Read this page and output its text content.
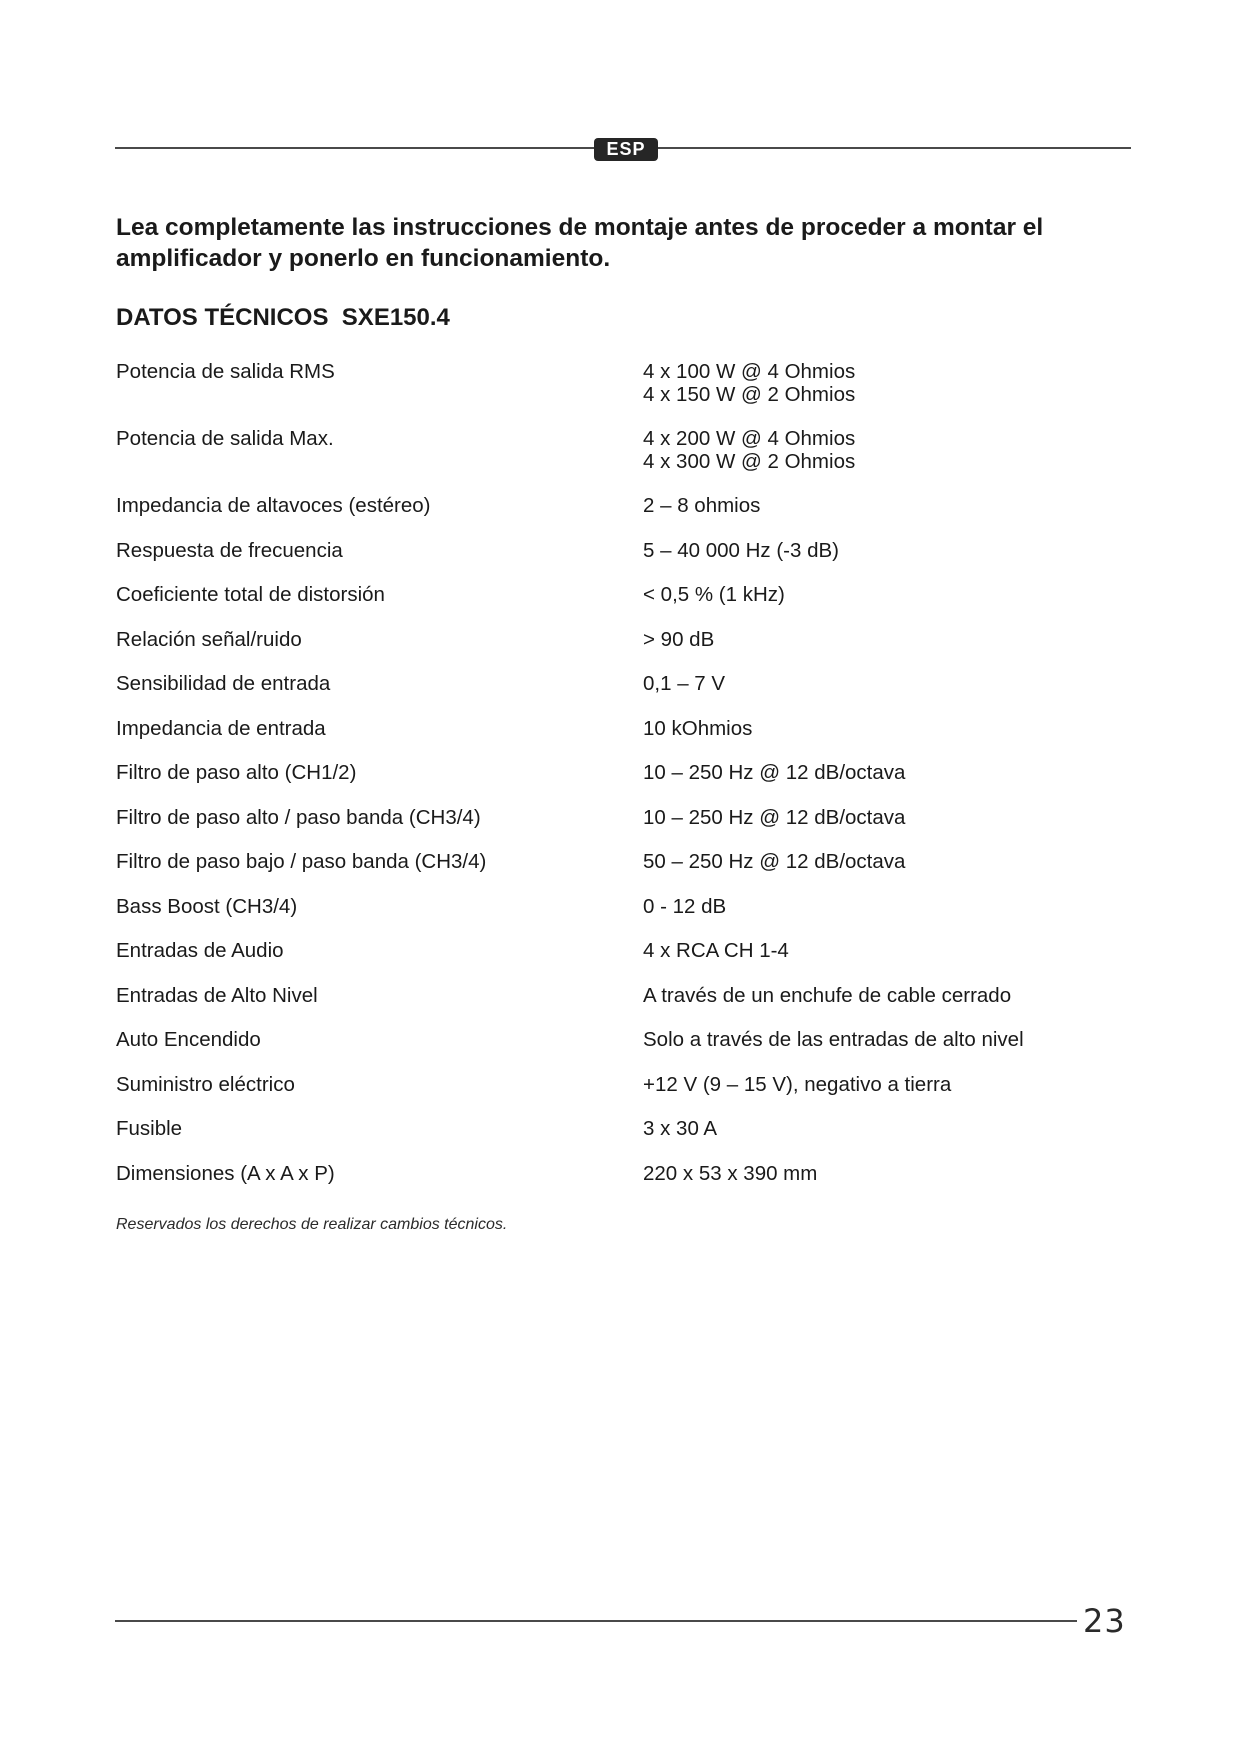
ESP

Lea completamente las instrucciones de montaje antes de proceder a montar el amplificador y ponerlo en funcionamiento.

DATOS TÉCNICOS  SXE150.4
Potencia de salida RMS	4 x 100 W @ 4 Ohmios
4 x 150 W @ 2 Ohmios
Potencia de salida Max.	4 x 200 W @ 4 Ohmios
4 x 300 W @ 2 Ohmios
Impedancia de altavoces (estéreo)	2 – 8 ohmios
Respuesta de frecuencia	5 – 40 000 Hz (-3 dB)
Coeficiente total de distorsión	< 0,5 % (1 kHz)
Relación señal/ruido	> 90 dB
Sensibilidad de entrada	0,1 – 7 V
Impedancia de entrada	10 kOhmios
Filtro de paso alto (CH1/2)	10 – 250 Hz @ 12 dB/octava
Filtro de paso alto / paso banda (CH3/4)	10 – 250 Hz @ 12 dB/octava
Filtro de paso bajo / paso banda (CH3/4)	50 – 250 Hz @ 12 dB/octava
Bass Boost (CH3/4)	0 - 12 dB
Entradas de Audio	4 x RCA CH 1-4
Entradas de Alto Nivel	A través de un enchufe de cable cerrado
Auto Encendido	Solo a través de las entradas de alto nivel
Suministro eléctrico	+12 V (9 – 15 V), negativo a tierra
Fusible	3 x 30 A
Dimensiones (A x A x P)	220 x 53 x 390 mm

Reservados los derechos de realizar cambios técnicos.

23
